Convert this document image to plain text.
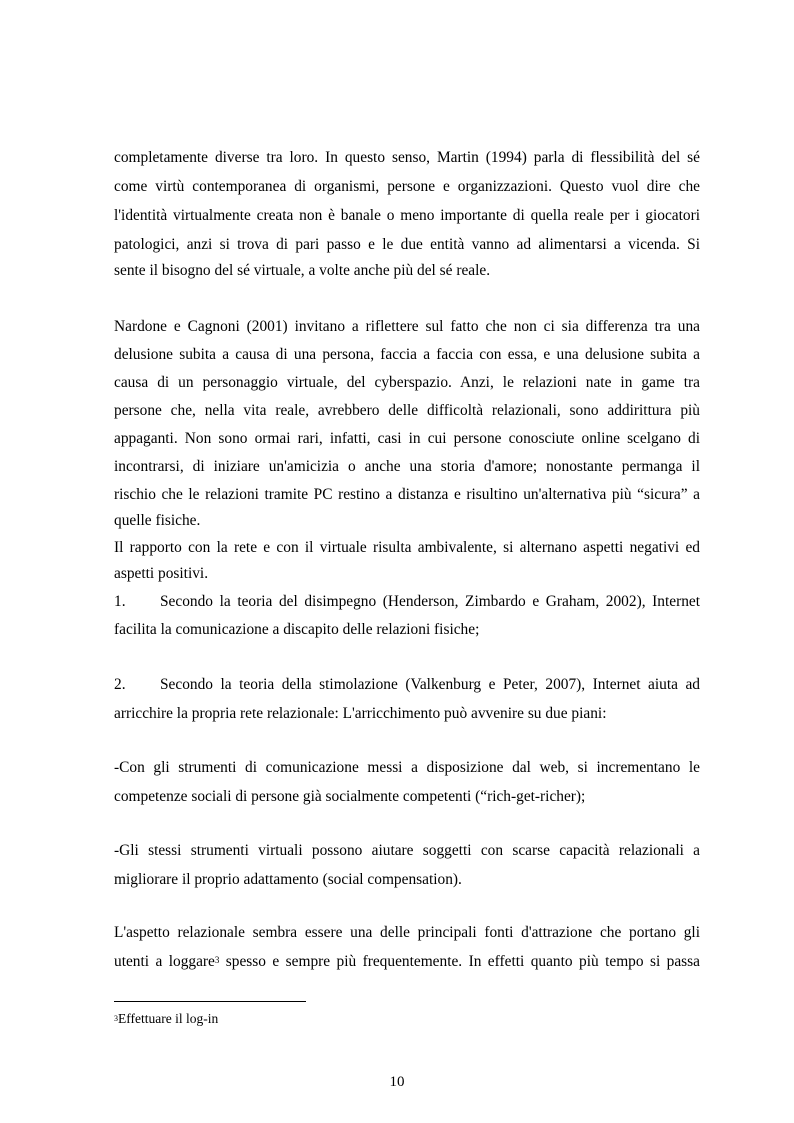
completamente diverse tra loro. In questo senso, Martin (1994) parla di flessibilità del sé
come virtù contemporanea di organismi, persone e organizzazioni. Questo vuol dire che
l'identità virtualmente creata non è banale o meno importante di quella reale per i giocatori
patologici, anzi si trova di pari passo e le due entità vanno ad alimentarsi a vicenda. Si
sente il bisogno del sé virtuale, a volte anche più del sé reale.
Nardone e Cagnoni (2001) invitano a riflettere sul fatto che non ci sia differenza tra una
delusione subita a causa di una persona, faccia a faccia con essa, e una delusione subita a
causa di un personaggio virtuale, del cyberspazio. Anzi, le relazioni nate in game tra
persone che, nella vita reale, avrebbero delle difficoltà relazionali, sono addirittura più
appaganti. Non sono ormai rari, infatti, casi in cui persone conosciute online scelgano di
incontrarsi, di iniziare un'amicizia o anche una storia d'amore; nonostante permanga il
rischio che le relazioni tramite PC restino a distanza e risultino un'alternativa più “sicura” a
quelle fisiche.
Il rapporto con la rete e con il virtuale risulta ambivalente, si alternano aspetti negativi ed
aspetti positivi.
1.	Secondo la teoria del disimpegno (Henderson, Zimbardo e Graham, 2002), Internet
facilita la comunicazione a discapito delle relazioni fisiche;
2.	Secondo la teoria della stimolazione (Valkenburg e Peter, 2007), Internet aiuta ad
arricchire la propria rete relazionale: L'arricchimento può avvenire su due piani:
-Con gli strumenti di comunicazione messi a disposizione dal web, si incrementano le
competenze sociali di persone già socialmente competenti (“rich-get-richer);
-Gli stessi strumenti virtuali possono aiutare soggetti con scarse capacità relazionali a
migliorare il proprio adattamento (social compensation).
L'aspetto relazionale sembra essere una delle principali fonti d'attrazione che portano gli
utenti a loggare$^3$ spesso e sempre più frequentemente. In effetti quanto più tempo si passa
$^3$Effettuare il log-in
10
